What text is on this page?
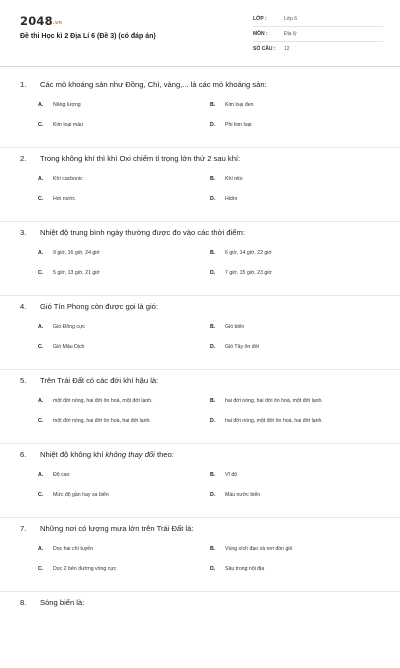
2048.vn
Đề thi Học kì 2 Địa Lí 6 (Đề 3) (có đáp án)
LỚP :	Lớp 6
MÔN :	Địa lý
SỐ CÂU :	12
1.	Các mỏ khoáng sản như Đồng, Chì, vàng,... là các mỏ khoáng sản:
A.	Năng lượng	B.	Kim loại đen
C.	Kim loại màu	D.	Phi kim loại
2.	Trong không khí thì khí Oxi chiếm tỉ trọng lớn thứ 2 sau khí:
A.	Khí cacbonic	B.	Khí nito
C.	Hơi nước	D.	Hidro
3.	Nhiệt độ trung bình ngày thường được đo vào các thời điểm:
A.	9 giờ, 16 giờ, 24 giờ	B.	6 giờ, 14 giờ, 22 giờ
C.	5 giờ, 13 giờ, 21 giờ	D.	7 giờ, 15 giờ, 23 giờ
4.	Gió Tín Phong còn được gọi là gió:
A.	Gió Đông cực	B.	Gió biển
C.	Gió Mậu Dịch	D.	Gió Tây ôn đới
5.	Trên Trái Đất có các đới khí hậu là:
A.	một đới nóng, hai đới ôn hoà, một đới lạnh.	B.	hai đới nóng, hai đới ôn hoà, một đới lạnh.
C.	một đới nóng, hai đới ôn hoà, hai đới lạnh.	D.	hai đới nóng, một đới ôn hoà, hai đới lạnh.
6.	Nhiệt độ không khí không thay đổi theo:
A.	Độ cao	B.	Vĩ độ
C.	Mức độ gần hay xa biển	D.	Màu nước biển
7.	Những nơi có lượng mưa lớn trên Trái Đất là:
A.	Dọc hai chí tuyến	B.	Vùng xích đạo và nơi đón gió
C.	Dọc 2 bên đường vòng cực	D.	Sâu trong nội địa
8.	Sóng biển là:
